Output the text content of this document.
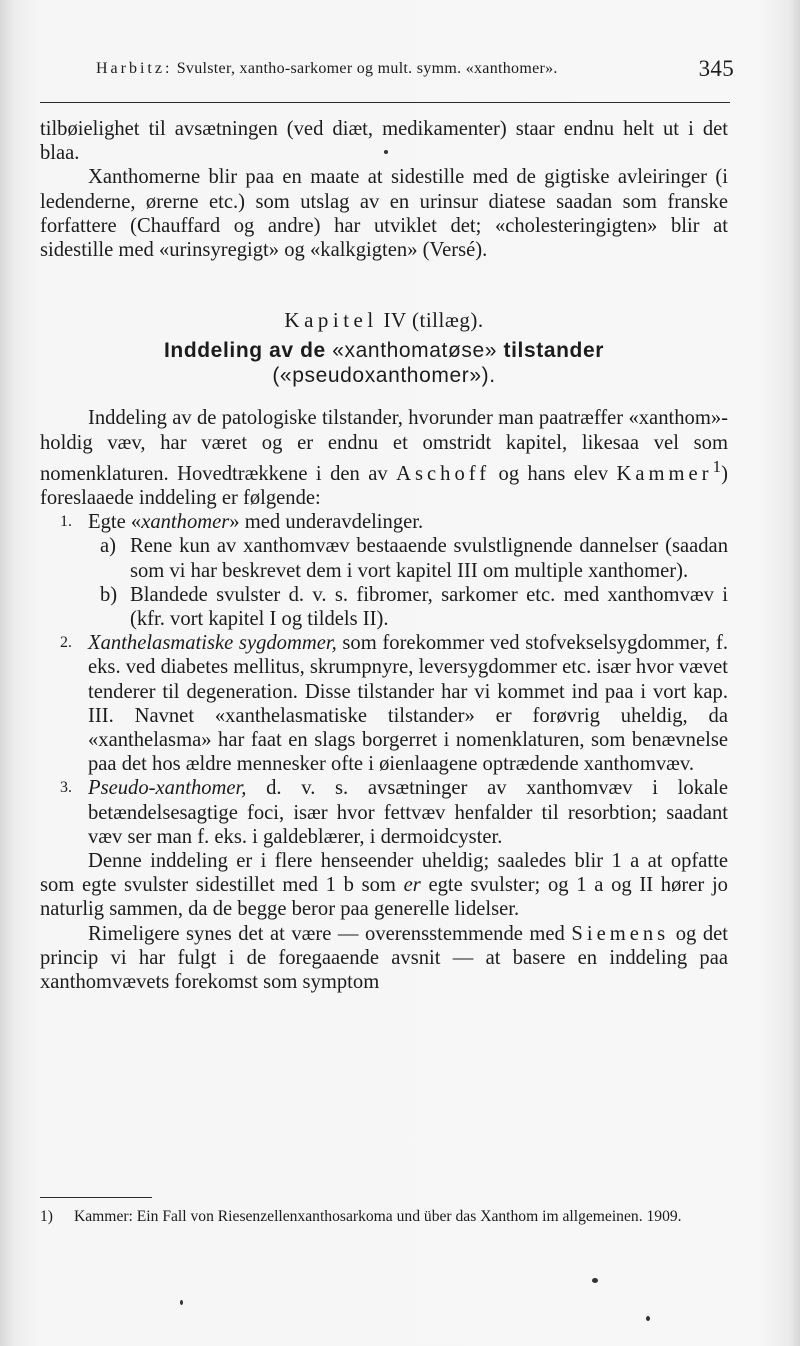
Harbitz: Svulster, xantho-sarkomer og mult. symm. «xanthomer».	345

tilbøielighet til avsætningen (ved diæt, medikamenter) staar endnu helt ut i det blaa.

Xanthomerne blir paa en maate at sidestille med de gigtiske avleiringer (i ledenderne, ørerne etc.) som utslag av en urinsur diatese saadan som franske forfattere (Chauffard og andre) har utviklet det; «cholesteringigten» blir at sidestille med «urinsyregigt» og «kalkgigten» (Versé).

Kapitel IV (tillæg).
Inddeling av de «xanthomatøse» tilstander
(«pseudoxanthomer»).

Inddeling av de patologiske tilstander, hvorunder man paatræffer «xanthom»-holdig væv, har været og er endnu et omstridt kapitel, likesaa vel som nomenklaturen. Hovedtrækkene i den av Aschoff og hans elev Kammer$^1$) foreslaaede inddeling er følgende:

1. Egte «xanthomer» med underavdelinger.
a) Rene kun av xanthomvæv bestaaende svulstlignende dannelser (saadan som vi har beskrevet dem i vort kapitel III om multiple xanthomer).
b) Blandede svulster d. v. s. fibromer, sarkomer etc. med xanthomvæv i (kfr. vort kapitel I og tildels II).
2. Xanthelasmatiske sygdommer, som forekommer ved stofvekselsygdommer, f. eks. ved diabetes mellitus, skrumpnyre, leversygdommer etc. især hvor vævet tenderer til degeneration. Disse tilstander har vi kommet ind paa i vort kap. III. Navnet «xanthelasmatiske tilstander» er forøvrig uheldig, da «xanthelasma» har faat en slags borgerret i nomenklaturen, som benævnelse paa det hos ældre mennesker ofte i øienlaagene optrædende xanthomvæv.
3. Pseudo-xanthomer, d. v. s. avsætninger av xanthomvæv i lokale betændelsesagtige foci, især hvor fettvæv henfalder til resorbtion; saadant væv ser man f. eks. i galdeblærer, i dermoidcyster.

Denne inddeling er i flere henseender uheldig; saaledes blir 1 a at opfatte som egte svulster sidestillet med 1 b som er egte svulster; og 1 a og II hører jo naturlig sammen, da de begge beror paa generelle lidelser.

Rimeligere synes det at være — overensstemmende med Siemens og det princip vi har fulgt i de foregaaende avsnit — at basere en inddeling paa xanthomvævets forekomst som symptom

1) Kammer: Ein Fall von Riesenzellenxanthosarkoma und über das Xanthom im allgemeinen. 1909.
